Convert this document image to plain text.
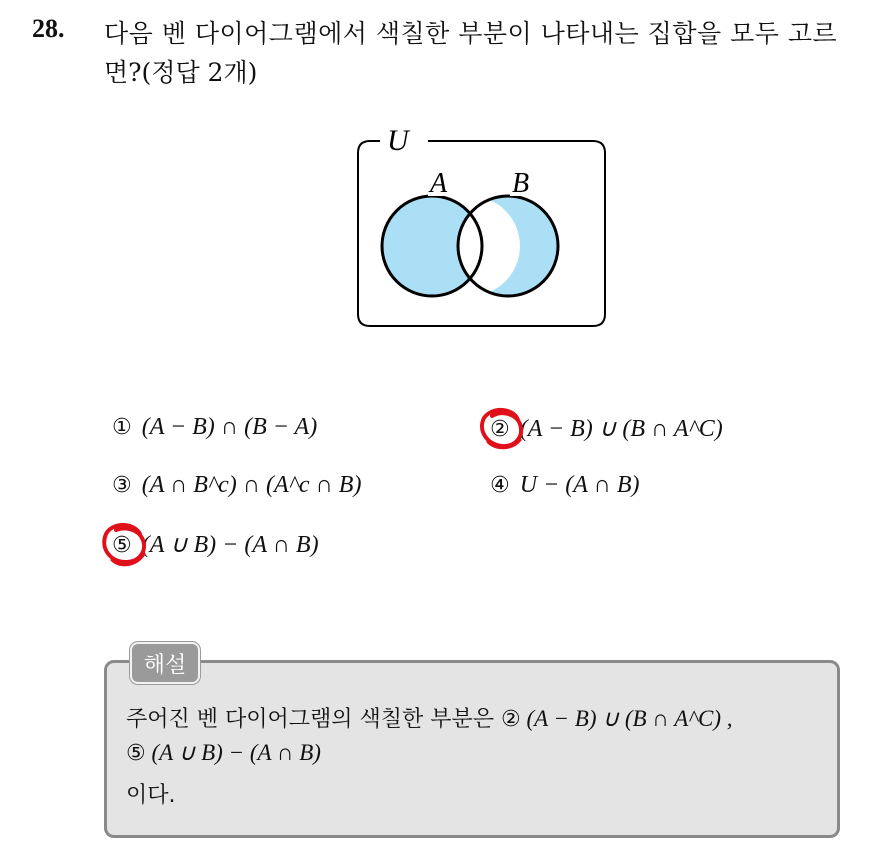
28. 다음 벤 다이어그램에서 색칠한 부분이 나타내는 집합을 모두 고르
면?(정답 2개)
U
A B
① (A − B) ∩ (B − A)	② (A − B) ∪ (B ∩ A^C)
③ (A ∩ B^c) ∩ (A^c ∩ B)	④ U − (A ∩ B)
⑤ (A ∪ B) − (A ∩ B)
해설
주어진 벤 다이어그램의 색칠한 부분은 ② (A − B) ∪ (B ∩ A^C) ,
⑤ (A ∪ B) − (A ∩ B)
이다.
